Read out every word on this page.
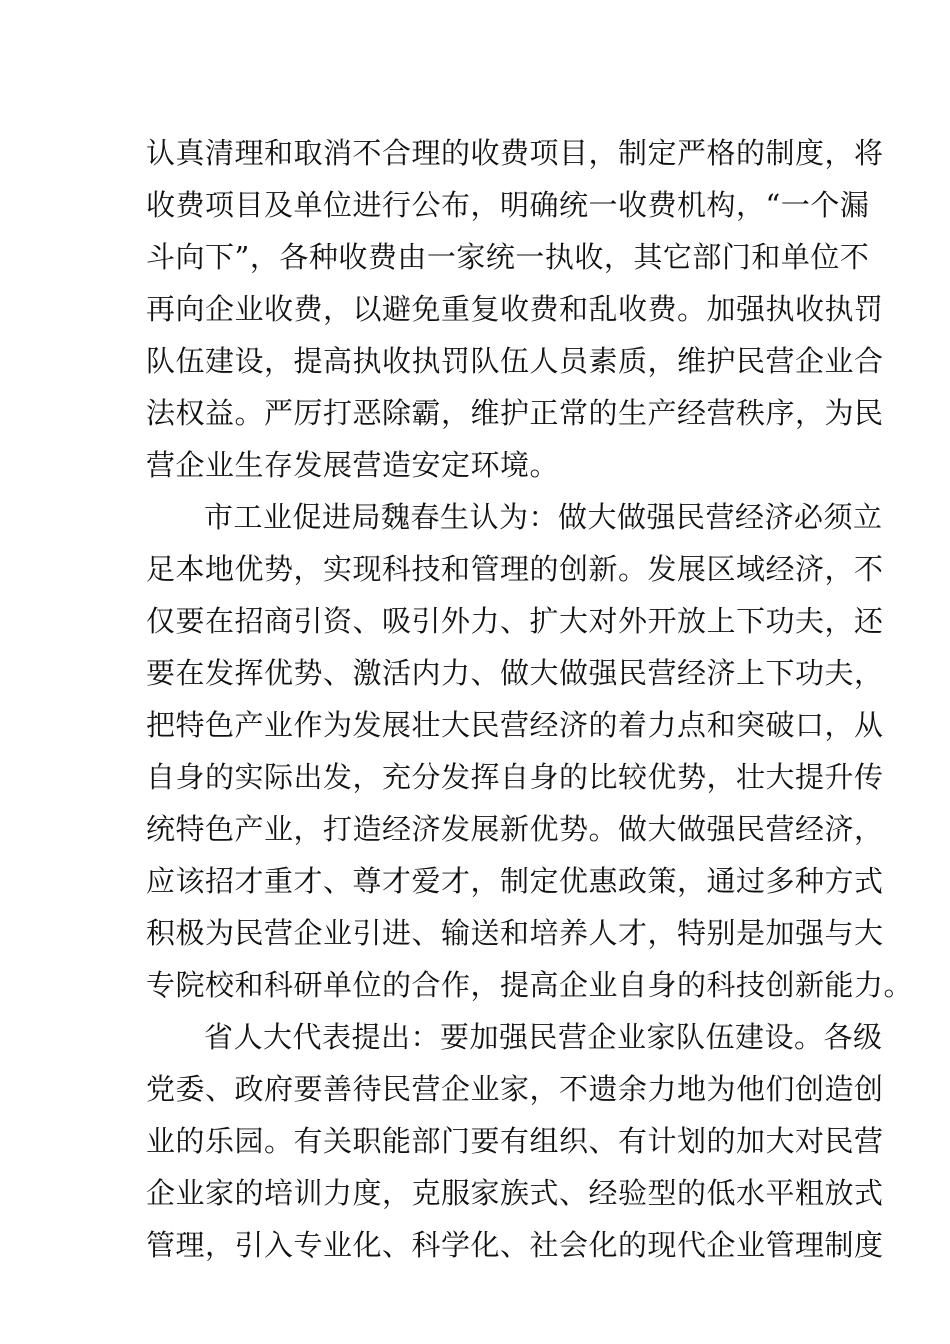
认真清理和取消不合理的收费项目，制定严格的制度，将
收费项目及单位进行公布，明确统一收费机构，“一个漏
斗向下”，各种收费由一家统一执收，其它部门和单位不
再向企业收费，以避免重复收费和乱收费。加强执收执罚
队伍建设，提高执收执罚队伍人员素质，维护民营企业合
法权益。严厉打恶除霸，维护正常的生产经营秩序，为民
营企业生存发展营造安定环境。
市工业促进局魏春生认为：做大做强民营经济必须立
足本地优势，实现科技和管理的创新。发展区域经济，不
仅要在招商引资、吸引外力、扩大对外开放上下功夫，还
要在发挥优势、激活内力、做大做强民营经济上下功夫，
把特色产业作为发展壮大民营经济的着力点和突破口，从
自身的实际出发，充分发挥自身的比较优势，壮大提升传
统特色产业，打造经济发展新优势。做大做强民营经济，
应该招才重才、尊才爱才，制定优惠政策，通过多种方式
积极为民营企业引进、输送和培养人才，特别是加强与大
专院校和科研单位的合作，提高企业自身的科技创新能力。
省人大代表提出：要加强民营企业家队伍建设。各级
党委、政府要善待民营企业家，不遗余力地为他们创造创
业的乐园。有关职能部门要有组织、有计划的加大对民营
企业家的培训力度，克服家族式、经验型的低水平粗放式
管理，引入专业化、科学化、社会化的现代企业管理制度
